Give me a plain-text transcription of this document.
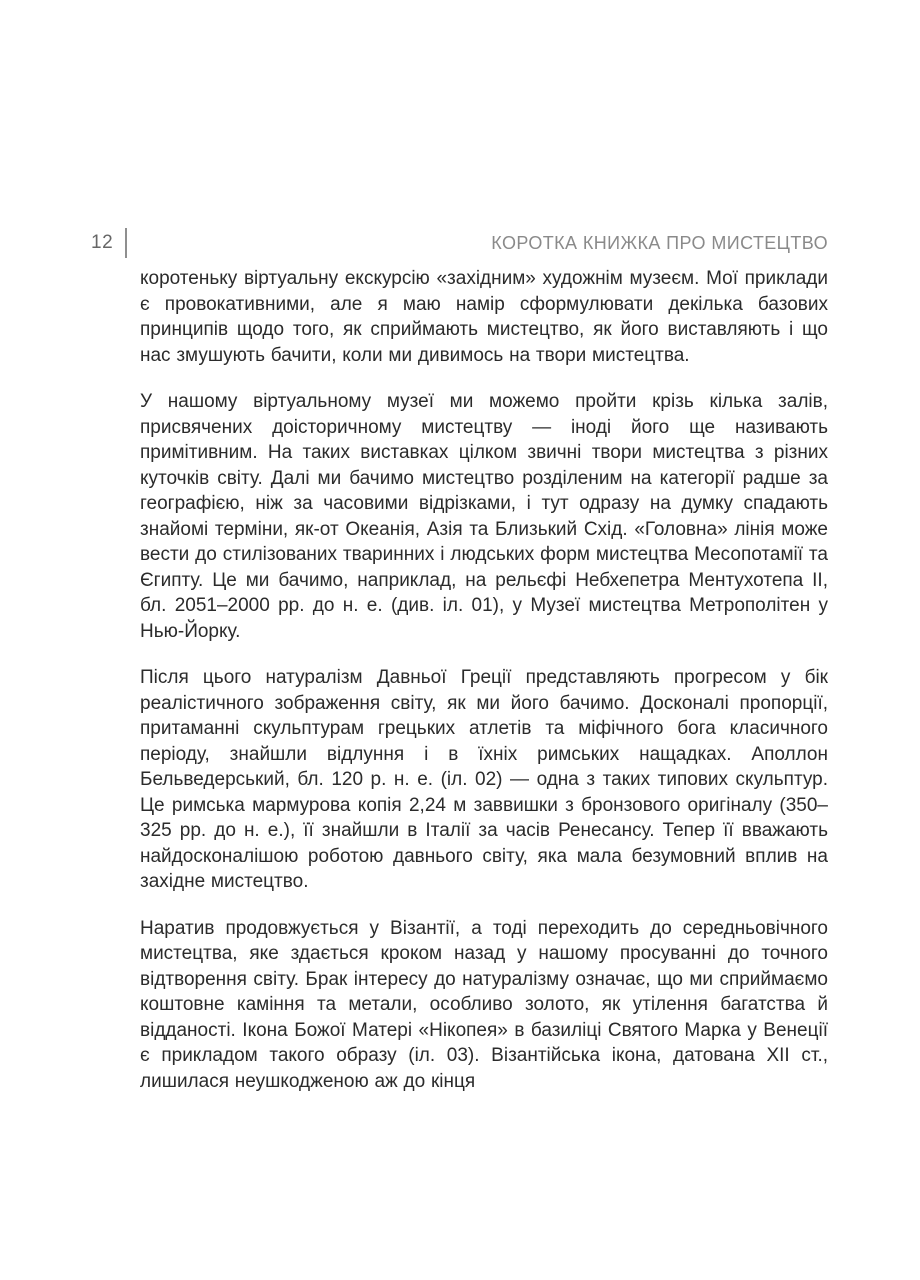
12	КОРОТКА КНИЖКА ПРО МИСТЕЦТВО

коротеньку віртуальну екскурсію «західним» художнім музеєм. Мої приклади є провокативними, але я маю намір сформулювати декілька базових принципів щодо того, як сприймають мистецтво, як його виставляють і що нас змушують бачити, коли ми дивимось на твори мистецтва.

У нашому віртуальному музеї ми можемо пройти крізь кілька залів, присвячених доісторичному мистецтву — іноді його ще називають примітивним. На таких виставках цілком звичні твори мистецтва з різних куточків світу. Далі ми бачимо мистецтво розділеним на категорії радше за географією, ніж за часовими відрізками, і тут одразу на думку спадають знайомі терміни, як-от Океанія, Азія та Близький Схід. «Головна» лінія може вести до стилізованих тваринних і людських форм мистецтва Месопотамії та Єгипту. Це ми бачимо, наприклад, на рельєфі Небхепетра Ментухотепа II, бл. 2051–2000 рр. до н. е. (див. іл. 01), у Музеї мистецтва Метрополітен у Нью-Йорку.

Після цього натуралізм Давньої Греції представляють прогресом у бік реалістичного зображення світу, як ми його бачимо. Досконалі пропорції, притаманні скульптурам грецьких атлетів та міфічного бога класичного періоду, знайшли відлуння і в їхніх римських нащадках. Аполлон Бельведерський, бл. 120 р. н. е. (іл. 02) — одна з таких типових скульптур. Це римська мармурова копія 2,24 м заввишки з бронзового оригіналу (350–325 рр. до н. е.), її знайшли в Італії за часів Ренесансу. Тепер її вважають найдосконалішою роботою давнього світу, яка мала безумовний вплив на західне мистецтво.

Наратив продовжується у Візантії, а тоді переходить до середньовічного мистецтва, яке здається кроком назад у нашому просуванні до точного відтворення світу. Брак інтересу до натуралізму означає, що ми сприймаємо коштовне каміння та метали, особливо золото, як утілення багатства й відданості. Ікона Божої Матері «Нікопея» в базиліці Святого Марка у Венеції є прикладом такого образу (іл. 03). Візантійська ікона, датована XII ст., лишилася неушкодженою аж до кінця
